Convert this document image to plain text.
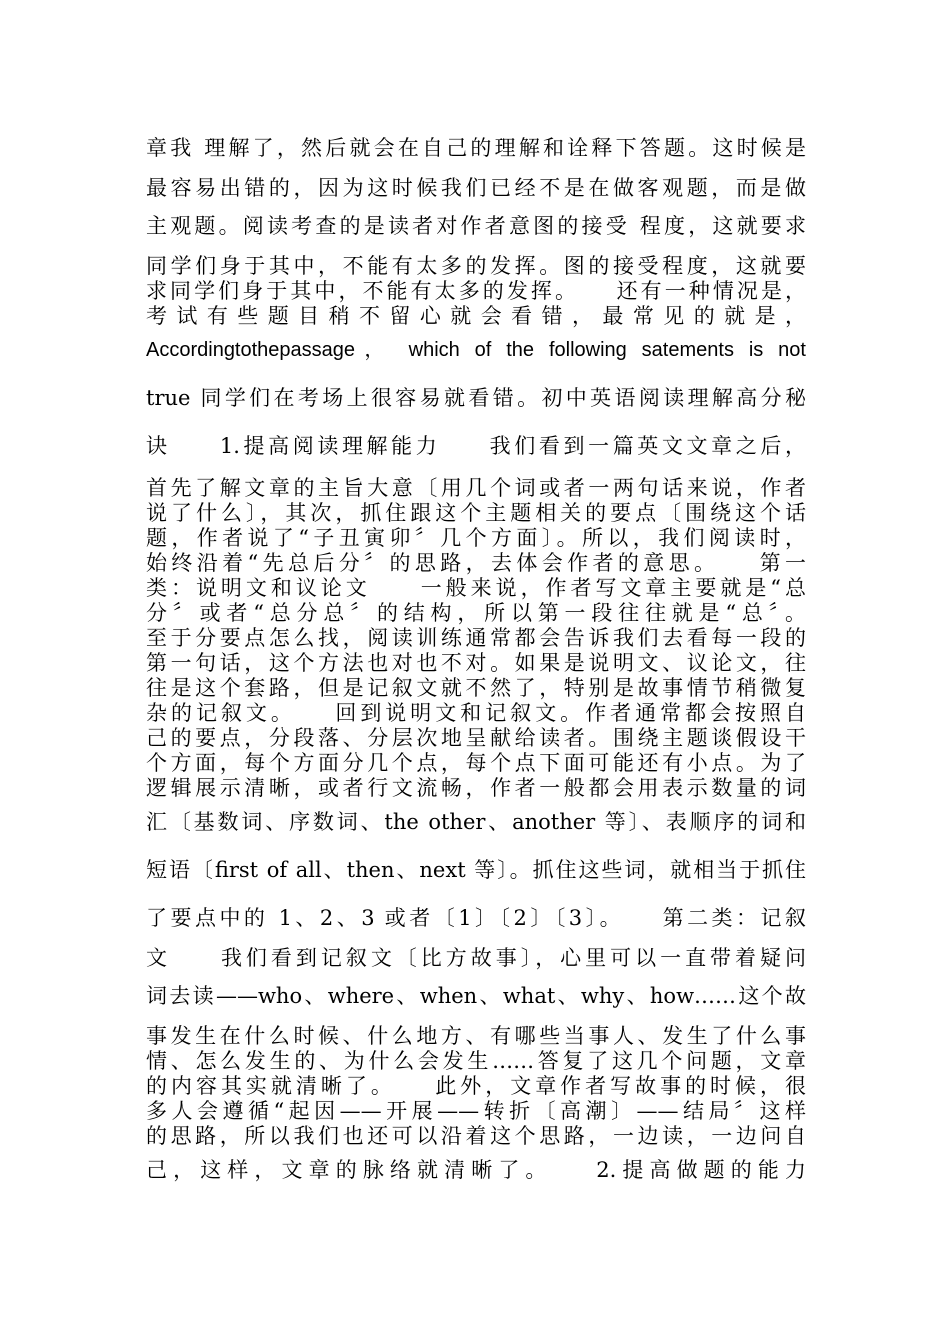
章我 理解了，然后就会在自己的理解和诠释下答题。这时候是
最容易出错的，因为这时候我们已经不是在做客观题，而是做
主观题。阅读考查的是读者对作者意图的接受 程度，这就要求
同学们身于其中，不能有太多的发挥。图的接受程度，这就要
求同学们身于其中，不能有太多的发挥。　　还有一种情况是，
考 试 有 些 题 目 稍 不 留 心 就 会 看 错 ， 最 常 见 的 就 是 ，
Accordingtothepassage， which of the following satements is not
true 同学们在考场上很容易就看错。初中英语阅读理解高分秘
诀　　1.提高阅读理解能力　　我们看到一篇英文文章之后，
首先了解文章的主旨大意〔用几个词或者一两句话来说，作者
说了什么〕，其次，抓住跟这个主题相关的要点〔围绕这个话
题，作者说了“子丑寅卯〞几个方面〕。所以，我们阅读时，
始终沿着“先总后分〞的思路，去体会作者的意思。　　第一
类：说明文和议论文　　一般来说，作者写文章主要就是“总
分〞或者“总分总〞的结构，所以第一段往往就是“总〞。
至于分要点怎么找，阅读训练通常都会告诉我们去看每一段的
第一句话，这个方法也对也不对。如果是说明文、议论文，往
往是这个套路，但是记叙文就不然了，特别是故事情节稍微复
杂的记叙文。　　回到说明文和记叙文。作者通常都会按照自
己的要点，分段落、分层次地呈献给读者。围绕主题谈假设干
个方面，每个方面分几个点，每个点下面可能还有小点。为了
逻辑展示清晰，或者行文流畅，作者一般都会用表示数量的词
汇〔基数词、序数词、the other、another 等〕、表顺序的词和
短语〔first of all、then、next 等〕。抓住这些词，就相当于抓住
了要点中的 1、2、3 或者〔1〕〔2〕〔3〕。　　第二类：记叙
文　　我们看到记叙文〔比方故事〕，心里可以一直带着疑问
词去读——who、where、when、what、why、how……这个故
事发生在什么时候、什么地方、有哪些当事人、发生了什么事
情、怎么发生的、为什么会发生……答复了这几个问题，文章
的内容其实就清晰了。　　此外，文章作者写故事的时候，很
多人会遵循“起因——开展——转折〔高潮〕——结局〞这样
的思路，所以我们也还可以沿着这个思路，一边读，一边问自
己，这样，文章的脉络就清晰了。　　2.提高做题的能力
